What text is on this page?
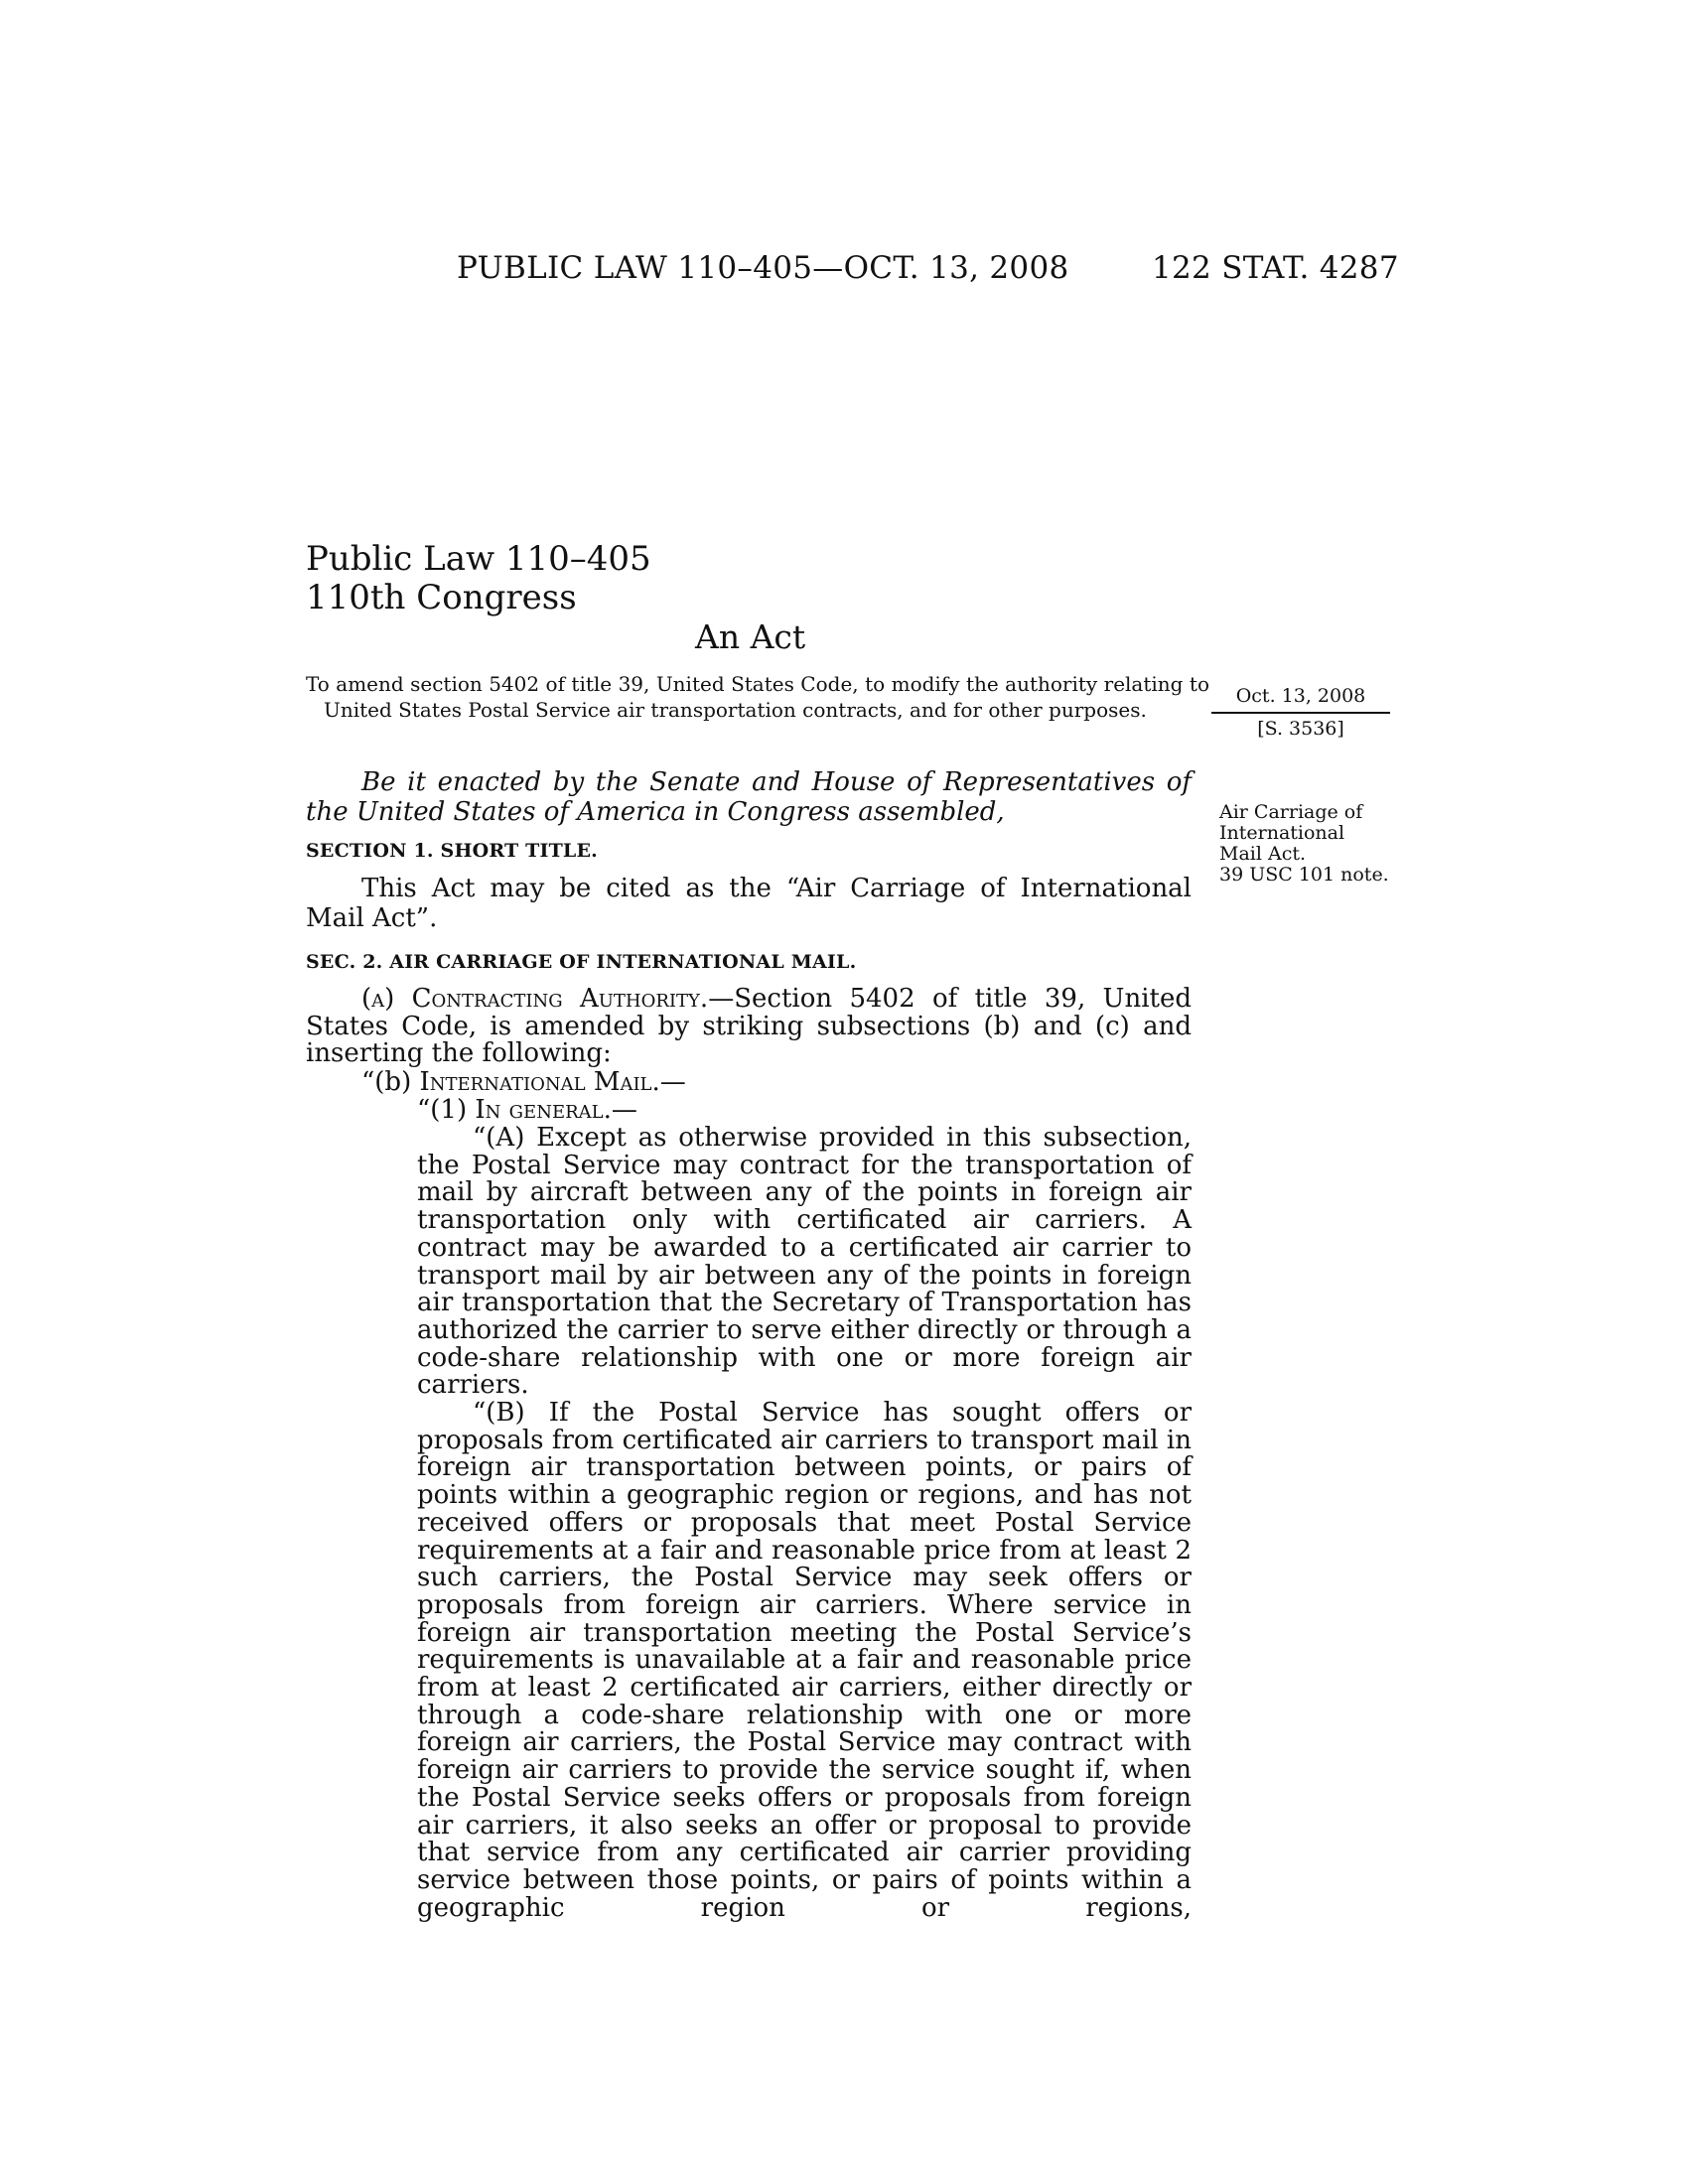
PUBLIC LAW 110–405—OCT. 13, 2008	122 STAT. 4287
Public Law 110–405
110th Congress
An Act
To amend section 5402 of title 39, United States Code, to modify the authority relating to United States Postal Service air transportation contracts, and for other purposes.
Oct. 13, 2008
[S. 3536]
Air Carriage of
International
Mail Act.
39 USC 101 note.
Be it enacted by the Senate and House of Representatives of the United States of America in Congress assembled,
SECTION 1. SHORT TITLE.
This Act may be cited as the “Air Carriage of International Mail Act”.
SEC. 2. AIR CARRIAGE OF INTERNATIONAL MAIL.
(a) Contracting Authority.—Section 5402 of title 39, United States Code, is amended by striking subsections (b) and (c) and inserting the following:
“(b) International Mail.—
“(1) In general.—
“(A) Except as otherwise provided in this subsection, the Postal Service may contract for the transportation of mail by aircraft between any of the points in foreign air transportation only with certificated air carriers. A contract may be awarded to a certificated air carrier to transport mail by air between any of the points in foreign air transportation that the Secretary of Transportation has authorized the carrier to serve either directly or through a code-share relationship with one or more foreign air carriers.
“(B) If the Postal Service has sought offers or proposals from certificated air carriers to transport mail in foreign air transportation between points, or pairs of points within a geographic region or regions, and has not received offers or proposals that meet Postal Service requirements at a fair and reasonable price from at least 2 such carriers, the Postal Service may seek offers or proposals from foreign air carriers. Where service in foreign air transportation meeting the Postal Service’s requirements is unavailable at a fair and reasonable price from at least 2 certificated air carriers, either directly or through a code-share relationship with one or more foreign air carriers, the Postal Service may contract with foreign air carriers to provide the service sought if, when the Postal Service seeks offers or proposals from foreign air carriers, it also seeks an offer or proposal to provide that service from any certificated air carrier providing service between those points, or pairs of points within a geographic region or regions,
